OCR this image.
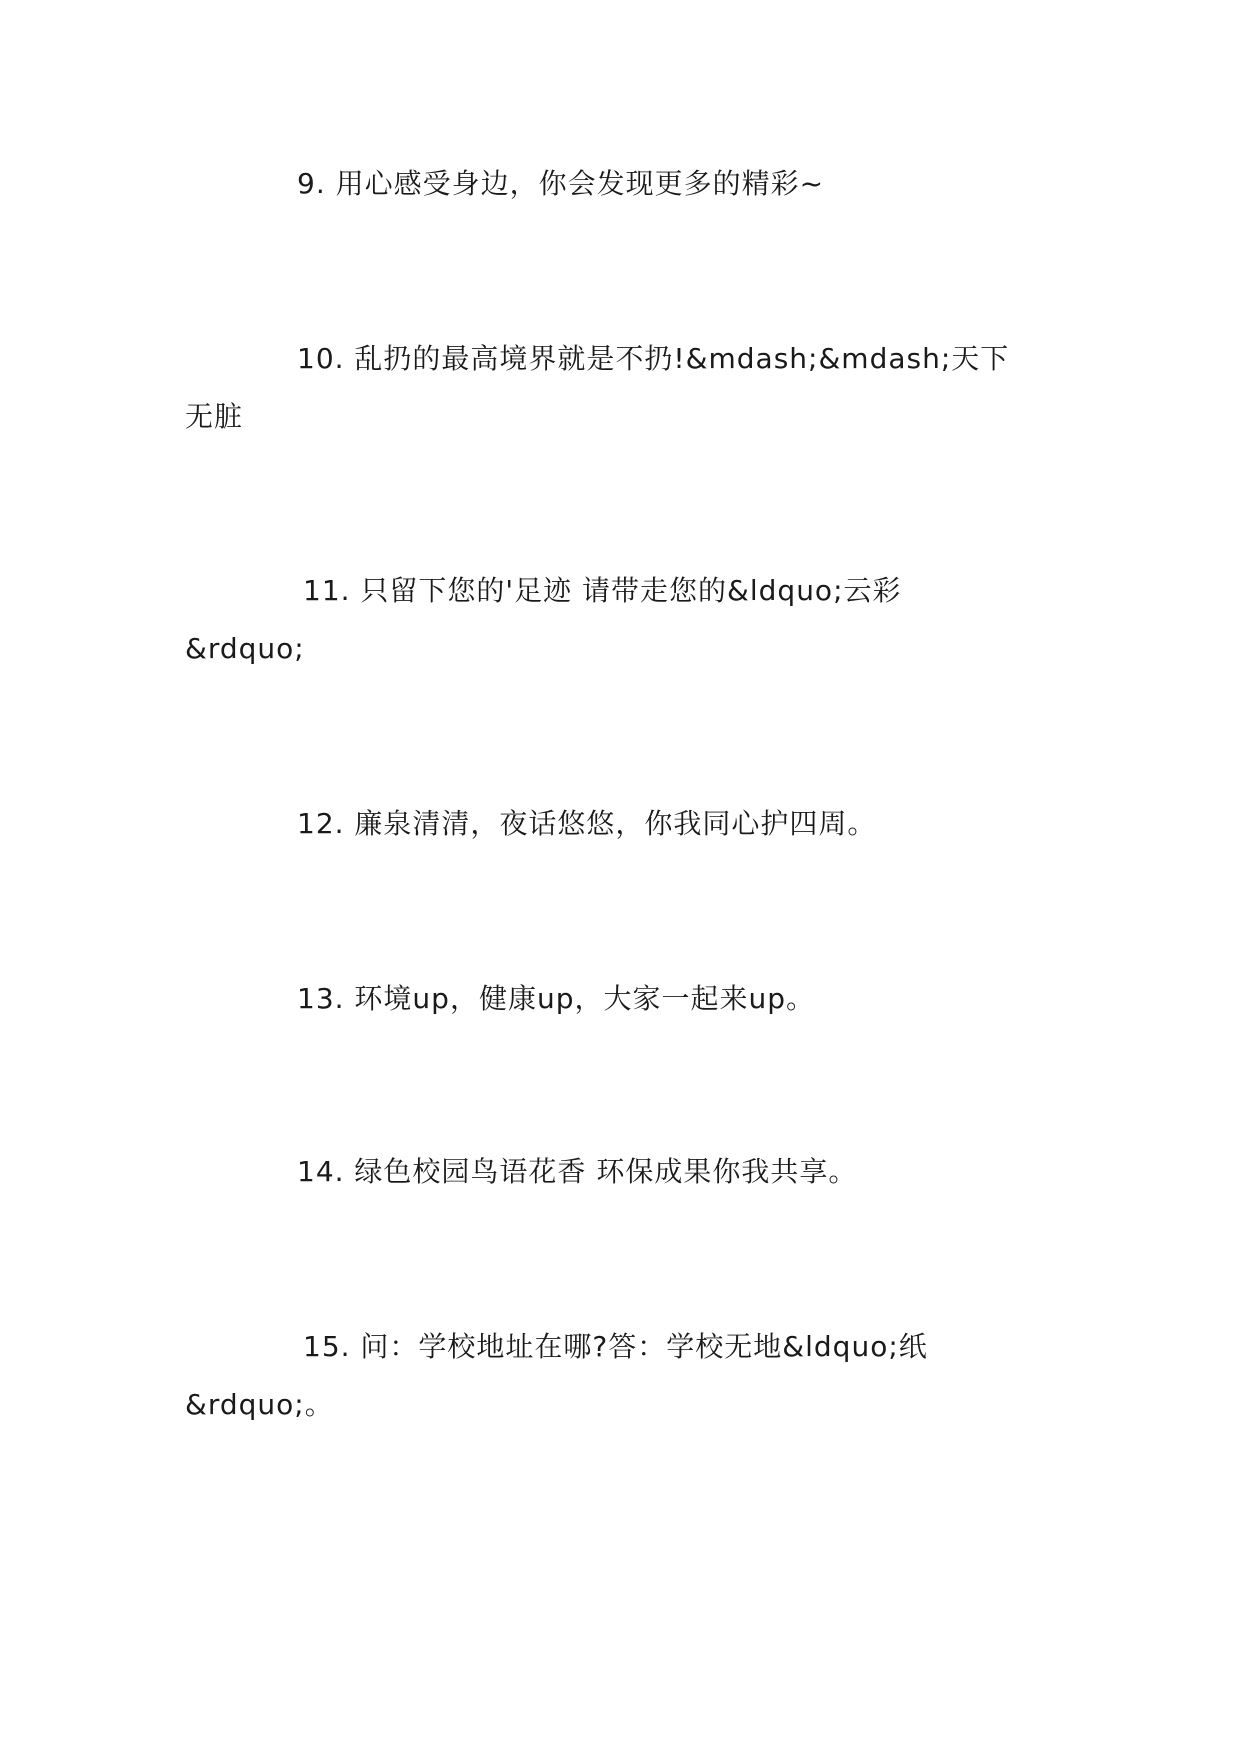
9. 用心感受身边，你会发现更多的精彩~
10. 乱扔的最高境界就是不扔!&mdash;&mdash;天下
无脏
11. 只留下您的'足迹 请带走您的&ldquo;云彩
&rdquo;
12. 廉泉清清，夜话悠悠，你我同心护四周。
13. 环境up，健康up，大家一起来up。
14. 绿色校园鸟语花香 环保成果你我共享。
15. 问：学校地址在哪?答：学校无地&ldquo;纸
&rdquo;。
